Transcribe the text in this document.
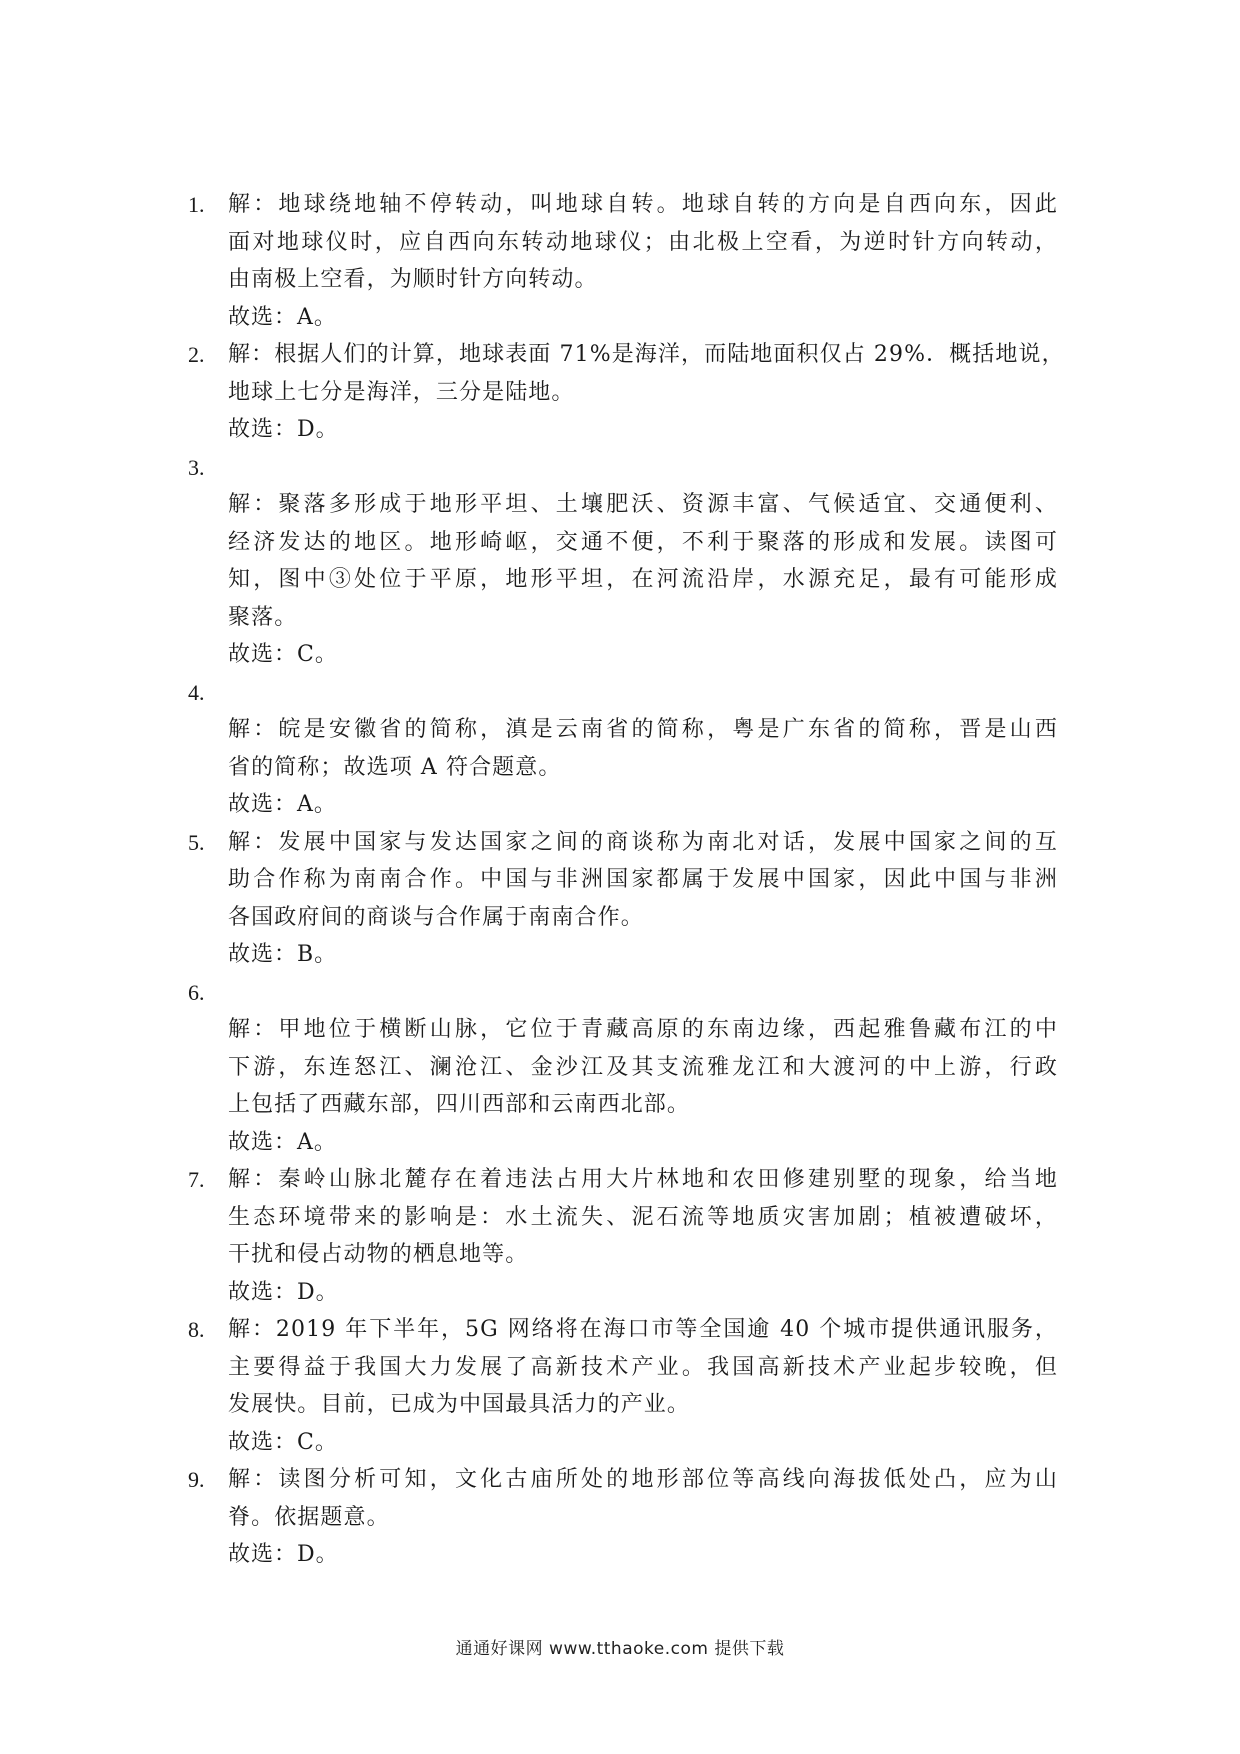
1.	解：地球绕地轴不停转动，叫地球自转。地球自转的方向是自西向东，因此
面对地球仪时，应自西向东转动地球仪；由北极上空看，为逆时针方向转动，
由南极上空看，为顺时针方向转动。
故选：A。
2.	解：根据人们的计算，地球表面 71%是海洋，而陆地面积仅占 29%．概括地说，
地球上七分是海洋，三分是陆地。
故选：D。
3.
解：聚落多形成于地形平坦、土壤肥沃、资源丰富、气候适宜、交通便利、
经济发达的地区。地形崎岖，交通不便，不利于聚落的形成和发展。读图可
知，图中③处位于平原，地形平坦，在河流沿岸，水源充足，最有可能形成
聚落。
故选：C。
4.
解：皖是安徽省的简称，滇是云南省的简称，粤是广东省的简称，晋是山西
省的简称；故选项 A 符合题意。
故选：A。
5.	解：发展中国家与发达国家之间的商谈称为南北对话，发展中国家之间的互
助合作称为南南合作。中国与非洲国家都属于发展中国家，因此中国与非洲
各国政府间的商谈与合作属于南南合作。
故选：B。
6.
解：甲地位于横断山脉，它位于青藏高原的东南边缘，西起雅鲁藏布江的中
下游，东连怒江、澜沧江、金沙江及其支流雅龙江和大渡河的中上游，行政
上包括了西藏东部，四川西部和云南西北部。
故选：A。
7.	解：秦岭山脉北麓存在着违法占用大片林地和农田修建别墅的现象，给当地
生态环境带来的影响是：水土流失、泥石流等地质灾害加剧；植被遭破坏，
干扰和侵占动物的栖息地等。
故选：D。
8.	解：2019 年下半年，5G 网络将在海口市等全国逾 40 个城市提供通讯服务，
主要得益于我国大力发展了高新技术产业。我国高新技术产业起步较晚，但
发展快。目前，已成为中国最具活力的产业。
故选：C。
9.	解：读图分析可知，文化古庙所处的地形部位等高线向海拔低处凸，应为山
脊。依据题意。
故选：D。
通通好课网 www.tthaoke.com 提供下载
